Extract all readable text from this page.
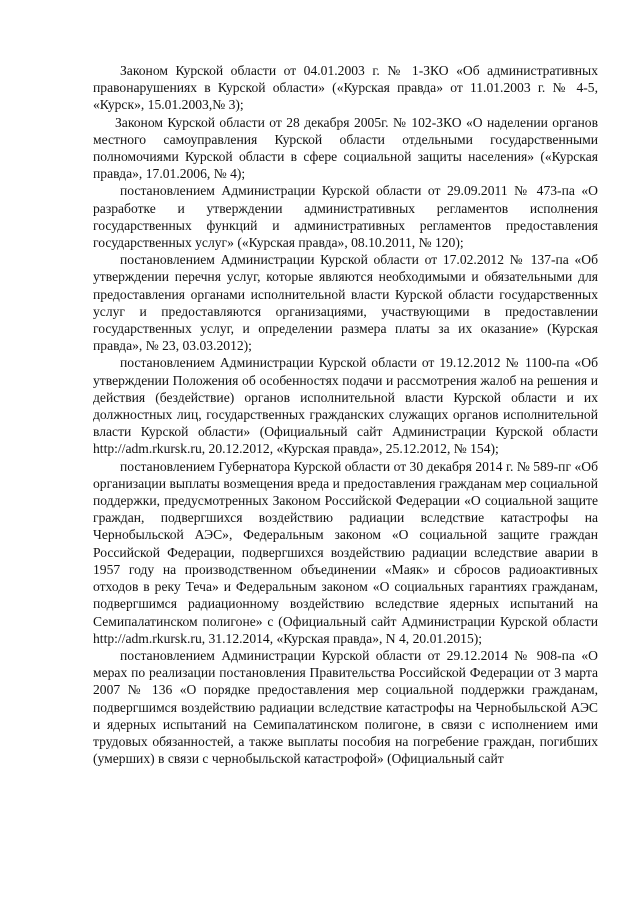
Законом Курской области от 04.01.2003 г. № 1-ЗКО «Об административных правонарушениях в Курской области» («Курская правда» от 11.01.2003 г. № 4-5, «Курск», 15.01.2003,№ 3);

Законом Курской области от 28 декабря 2005г. № 102-ЗКО «О наделении органов местного самоуправления Курской области отдельными государственными полномочиями Курской области в сфере социальной защиты населения» («Курская правда», 17.01.2006, № 4);

постановлением Администрации Курской области от 29.09.2011 № 473-па «О разработке и утверждении административных регламентов исполнения государственных функций и административных регламентов предоставления государственных услуг» («Курская правда», 08.10.2011, № 120);

постановлением Администрации Курской области от 17.02.2012 № 137-па «Об утверждении перечня услуг, которые являются необходимыми и обязательными для предоставления органами исполнительной власти Курской области государственных услуг и предоставляются организациями, участвующими в предоставлении государственных услуг, и определении размера платы за их оказание» (Курская правда», № 23, 03.03.2012);

постановлением Администрации Курской области от 19.12.2012 № 1100-па «Об утверждении Положения об особенностях подачи и рассмотрения жалоб на решения и действия (бездействие) органов исполнительной власти Курской области и их должностных лиц, государственных гражданских служащих органов исполнительной власти Курской области» (Официальный сайт Администрации Курской области http://adm.rkursk.ru, 20.12.2012, «Курская правда», 25.12.2012, № 154);

постановлением Губернатора Курской области от 30 декабря 2014 г. № 589-пг «Об организации выплаты возмещения вреда и предоставления гражданам мер социальной поддержки, предусмотренных Законом Российской Федерации «О социальной защите граждан, подвергшихся воздействию радиации вследствие катастрофы на Чернобыльской АЭС», Федеральным законом «О социальной защите граждан Российской Федерации, подвергшихся воздействию радиации вследствие аварии в 1957 году на производственном объединении «Маяк» и сбросов радиоактивных отходов в реку Теча» и Федеральным законом «О социальных гарантиях гражданам, подвергшимся радиационному воздействию вследствие ядерных испытаний на Семипалатинском полигоне» с (Официальный сайт Администрации Курской области http://adm.rkursk.ru, 31.12.2014, «Курская правда», N 4, 20.01.2015);

постановлением Администрации Курской области от 29.12.2014 № 908-па «О мерах по реализации постановления Правительства Российской Федерации от 3 марта 2007 № 136 «О порядке предоставления мер социальной поддержки гражданам, подвергшимся воздействию радиации вследствие катастрофы на Чернобыльской АЭС и ядерных испытаний на Семипалатинском полигоне, в связи с исполнением ими трудовых обязанностей, а также выплаты пособия на погребение граждан, погибших (умерших) в связи с чернобыльской катастрофой» (Официальный сайт
